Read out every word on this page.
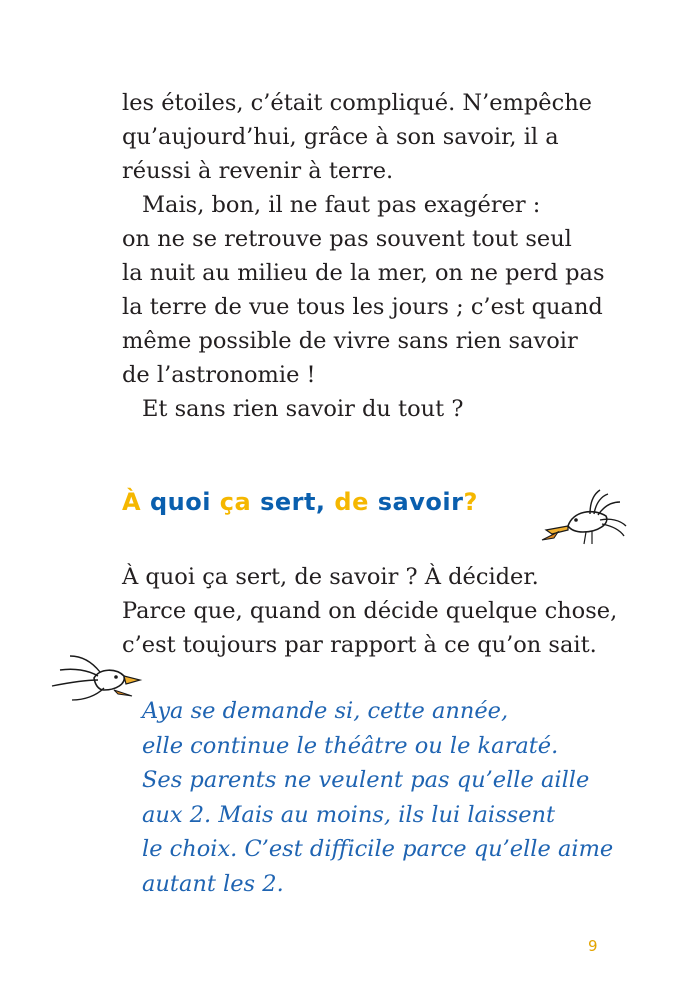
les étoiles, c’était compliqué. N’empêche

qu’aujourd’hui, grâce à son savoir, il a

réussi à revenir à terre.

Mais, bon, il ne faut pas exagérer :

on ne se retrouve pas souvent tout seul

la nuit au milieu de la mer, on ne perd pas

la terre de vue tous les jours ; c’est quand

même possible de vivre sans rien savoir

de l’astronomie !

Et sans rien savoir du tout ?

À quoi ça sert, de savoir?

À quoi ça sert, de savoir ? À décider.

Parce que, quand on décide quelque chose,

c’est toujours par rapport à ce qu’on sait.

Aya se demande si, cette année,

elle continue le théâtre ou le karaté.

Ses parents ne veulent pas qu’elle aille

aux 2. Mais au moins, ils lui laissent

le choix. C’est difficile parce qu’elle aime

autant les 2.

9
